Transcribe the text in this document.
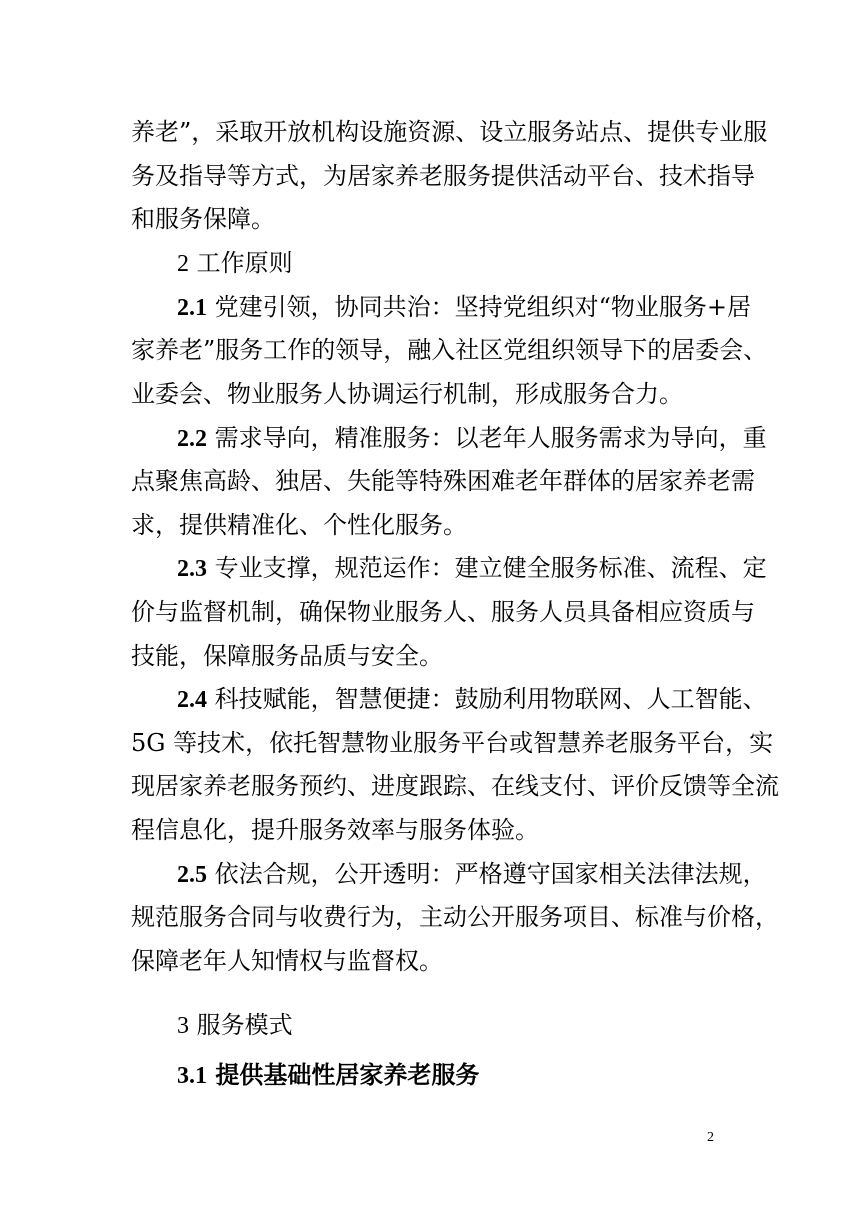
养老”，采取开放机构设施资源、设立服务站点、提供专业服
务及指导等方式，为居家养老服务提供活动平台、技术指导
和服务保障。
2 工作原则
2.1 党建引领，协同共治：坚持党组织对“物业服务+居
家养老”服务工作的领导，融入社区党组织领导下的居委会、
业委会、物业服务人协调运行机制，形成服务合力。
2.2 需求导向，精准服务：以老年人服务需求为导向，重
点聚焦高龄、独居、失能等特殊困难老年群体的居家养老需
求，提供精准化、个性化服务。
2.3 专业支撑，规范运作：建立健全服务标准、流程、定
价与监督机制，确保物业服务人、服务人员具备相应资质与
技能，保障服务品质与安全。
2.4 科技赋能，智慧便捷：鼓励利用物联网、人工智能、
5G 等技术，依托智慧物业服务平台或智慧养老服务平台，实
现居家养老服务预约、进度跟踪、在线支付、评价反馈等全流
程信息化，提升服务效率与服务体验。
2.5 依法合规，公开透明：严格遵守国家相关法律法规，
规范服务合同与收费行为，主动公开服务项目、标准与价格，
保障老年人知情权与监督权。
3 服务模式
3.1 提供基础性居家养老服务
2
